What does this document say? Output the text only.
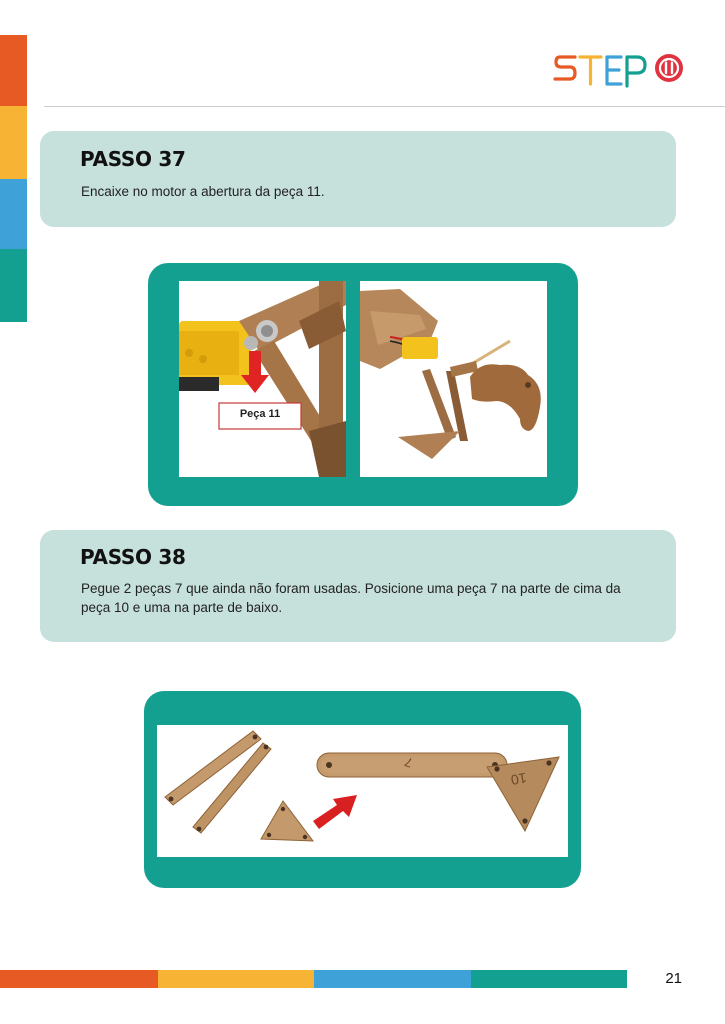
PASSO 37

Encaixe no motor a abertura da peça 11.

Peça 11
PASSO 38

Pegue 2 peças 7 que ainda não foram usadas. Posicione uma peça 7 na parte de cima da peça 10 e uma na parte de baixo.

7
10
21
